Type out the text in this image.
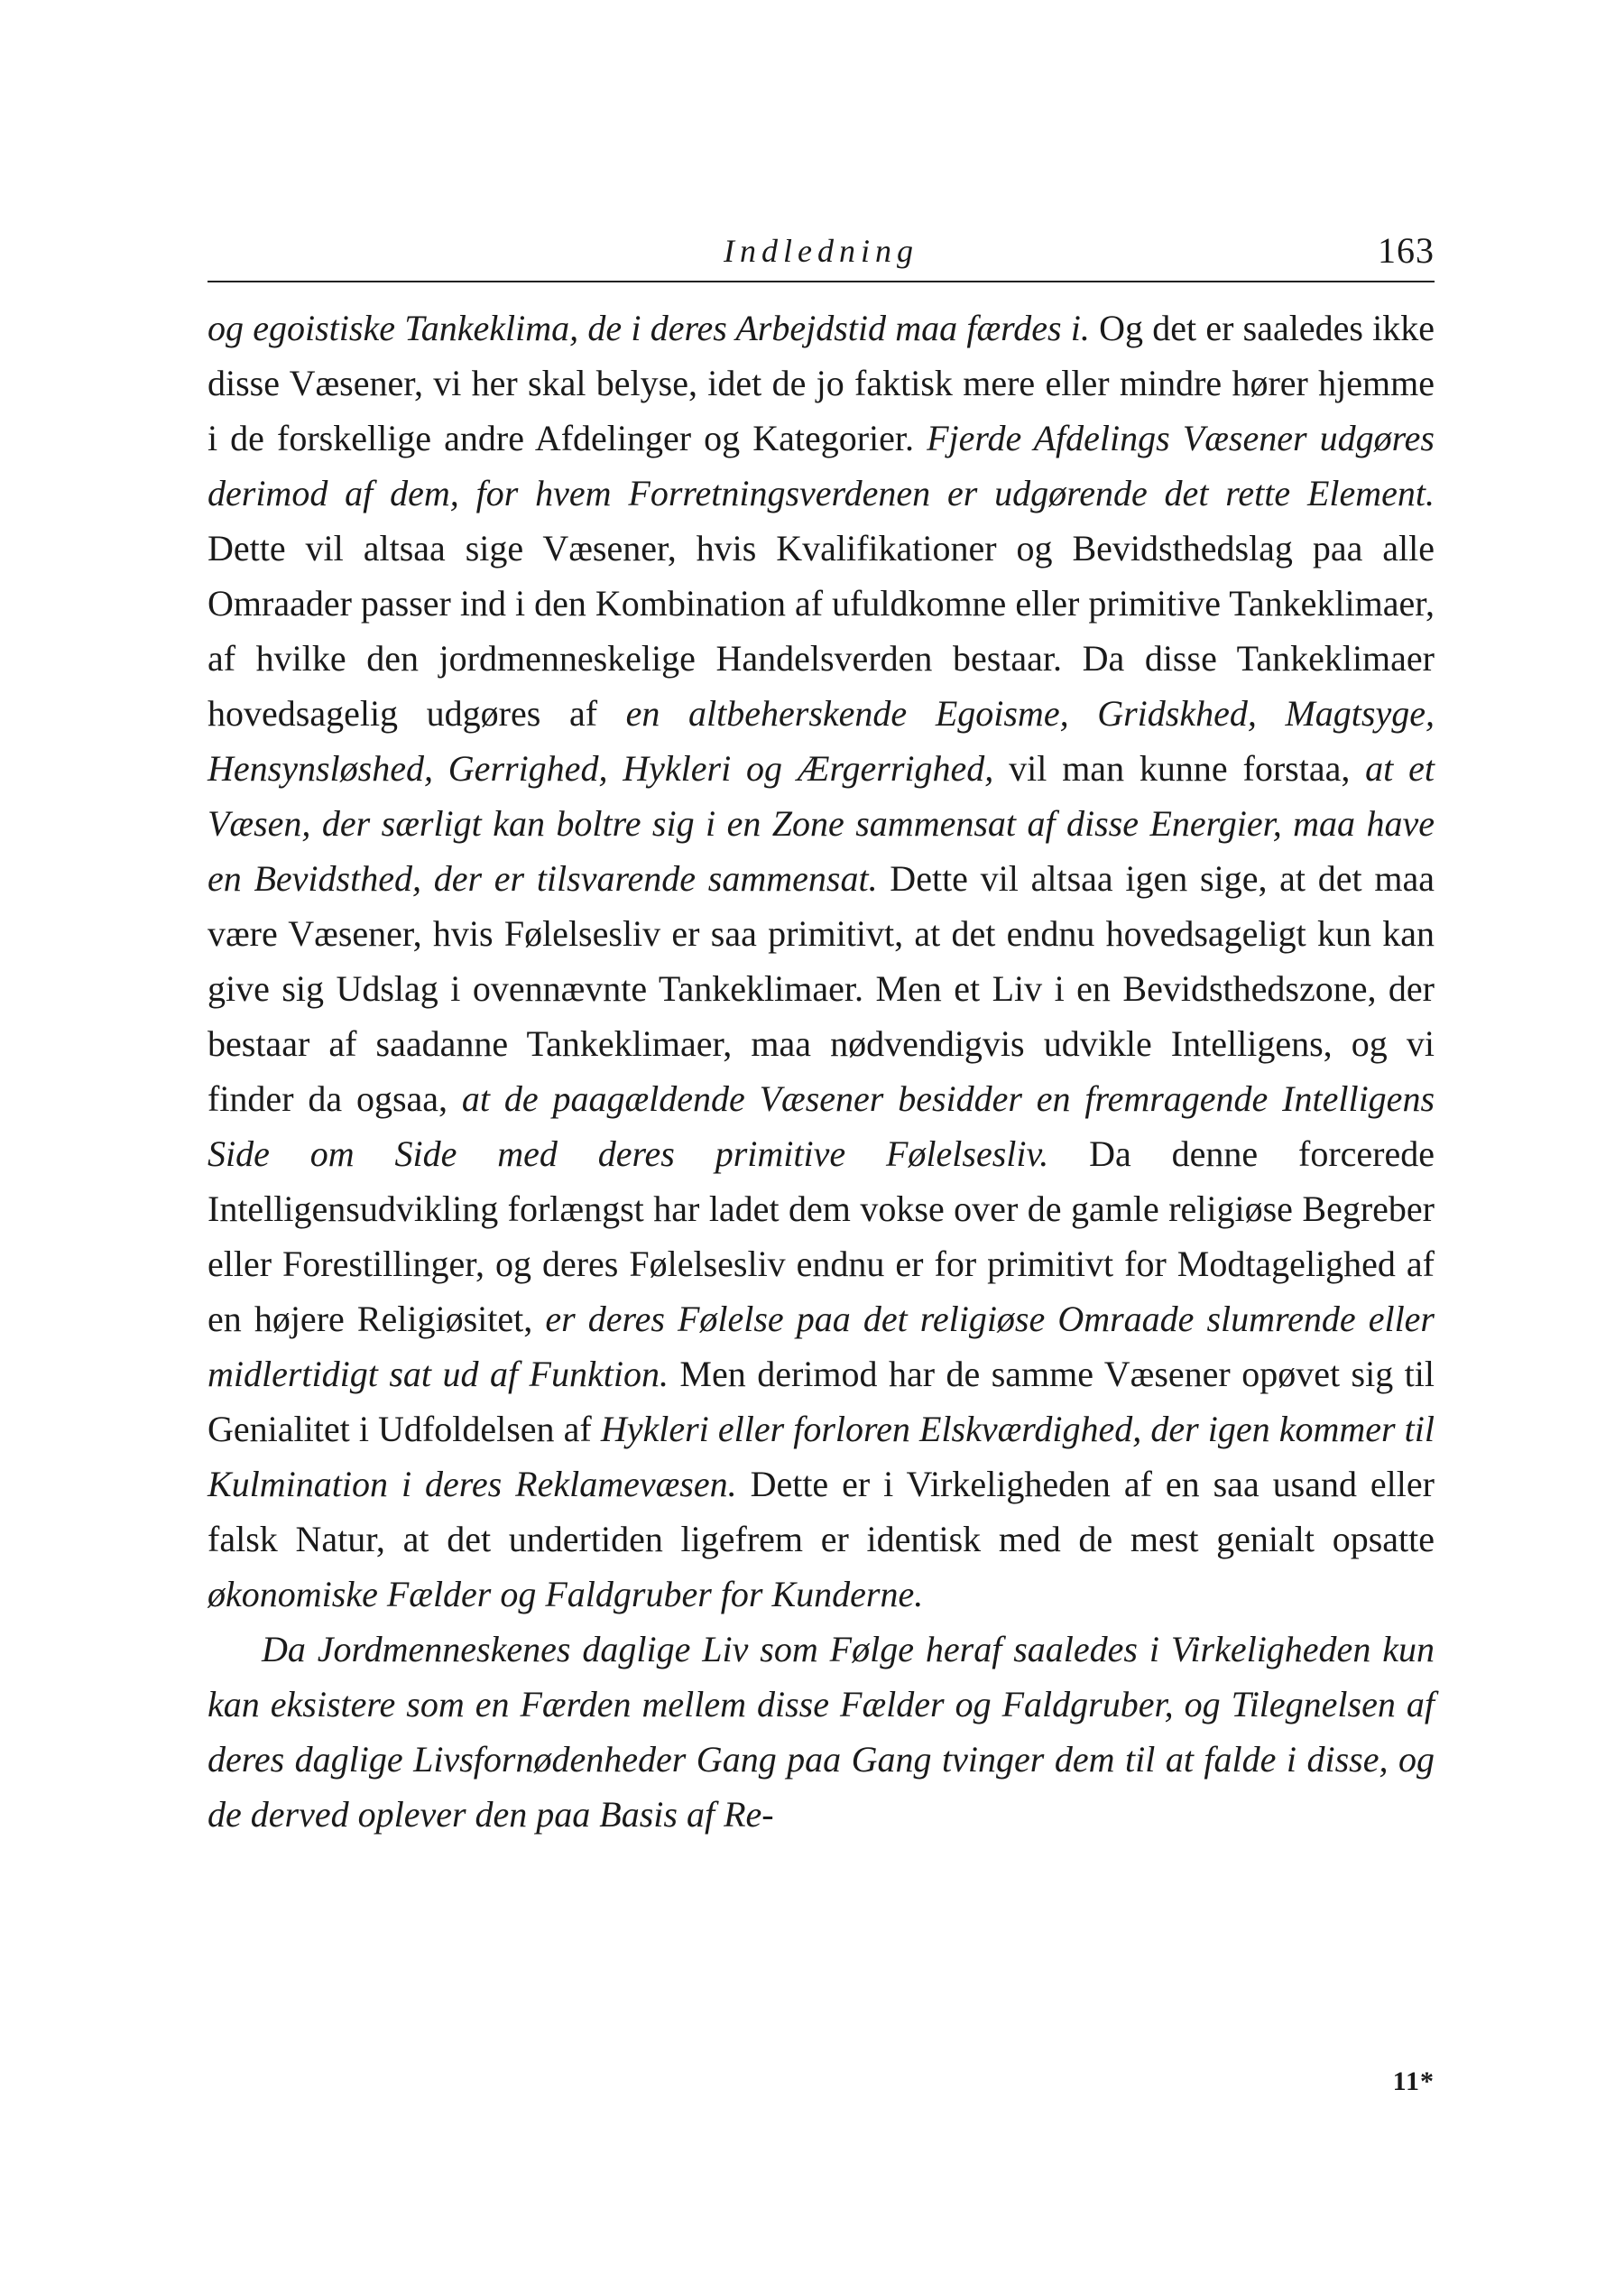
Indledning	163

og egoistiske Tankeklima, de i deres Arbejdstid maa færdes i. Og det er saaledes ikke disse Væsener, vi her skal belyse, idet de jo faktisk mere eller mindre hører hjemme i de forskellige andre Afdelinger og Kategorier. Fjerde Afdelings Væsener udgøres derimod af dem, for hvem Forretningsverdenen er udgørende det rette Element. Dette vil altsaa sige Væsener, hvis Kvalifikationer og Bevidsthedslag paa alle Omraader passer ind i den Kombination af ufuldkomne eller primitive Tankeklimaer, af hvilke den jordmenneskelige Handelsverden bestaar. Da disse Tankeklimaer hovedsagelig udgøres af en altbeherskende Egoisme, Gridskhed, Magtsyge, Hensynsløshed, Gerrighed, Hykleri og Ærgerrighed, vil man kunne forstaa, at et Væsen, der særligt kan boltre sig i en Zone sammensat af disse Energier, maa have en Bevidsthed, der er tilsvarende sammensat. Dette vil altsaa igen sige, at det maa være Væsener, hvis Følelsesliv er saa primitivt, at det endnu hovedsageligt kun kan give sig Udslag i ovennævnte Tankeklimaer. Men et Liv i en Bevidsthedszone, der bestaar af saadanne Tankeklimaer, maa nødvendigvis udvikle Intelligens, og vi finder da ogsaa, at de paagældende Væsener besidder en fremragende Intelligens Side om Side med deres primitive Følelsesliv. Da denne forcerede Intelligensudvikling forlængst har ladet dem vokse over de gamle religiøse Begreber eller Forestillinger, og deres Følelsesliv endnu er for primitivt for Modtagelighed af en højere Religiøsitet, er deres Følelse paa det religiøse Omraade slumrende eller midlertidigt sat ud af Funktion. Men derimod har de samme Væsener opøvet sig til Genialitet i Udfoldelsen af Hykleri eller forloren Elskværdighed, der igen kommer til Kulmination i deres Reklamevæsen. Dette er i Virkeligheden af en saa usand eller falsk Natur, at det undertiden ligefrem er identisk med de mest genialt opsatte økonomiske Fælder og Faldgruber for Kunderne.

Da Jordmenneskenes daglige Liv som Følge heraf saaledes i Virkeligheden kun kan eksistere som en Færden mellem disse Fælder og Faldgruber, og Tilegnelsen af deres daglige Livsfornødenheder Gang paa Gang tvinger dem til at falde i disse, og de derved oplever den paa Basis af Re-

11*
